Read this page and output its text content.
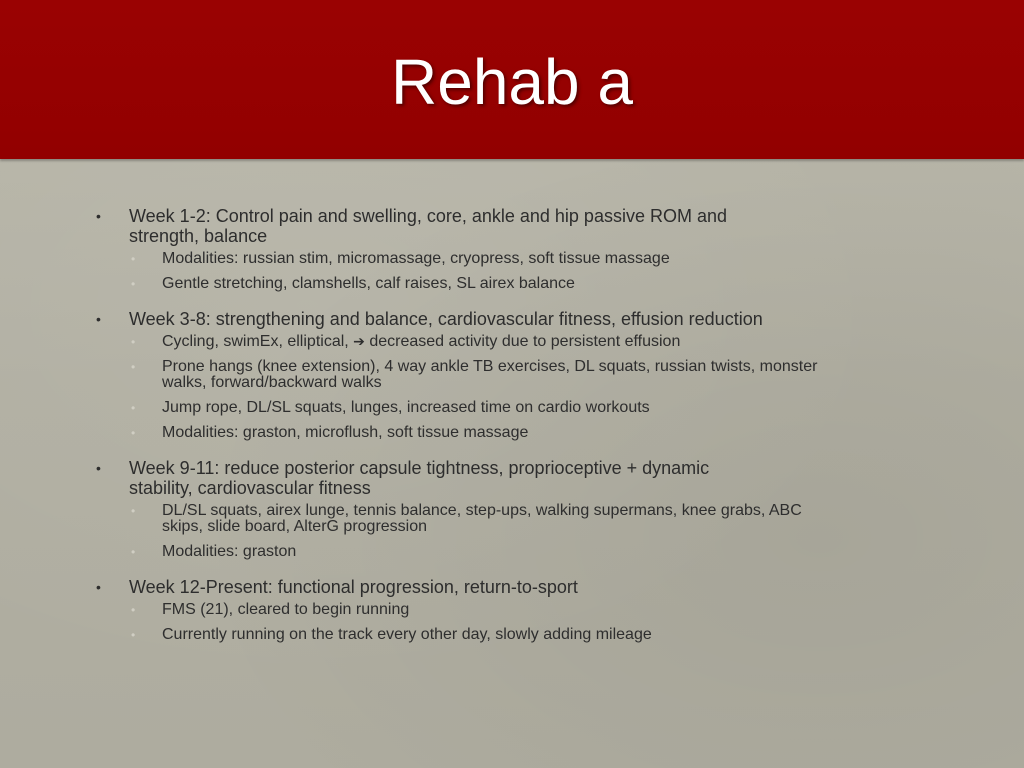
Rehab a
• Week 1-2: Control pain and swelling, core, ankle and hip passive ROM and
strength, balance
• Modalities: russian stim, micromassage, cryopress, soft tissue massage
• Gentle stretching, clamshells, calf raises, SL airex balance
• Week 3-8: strengthening and balance, cardiovascular fitness, effusion reduction
• Cycling, swimEx, elliptical, ➔ decreased activity due to persistent effusion
• Prone hangs (knee extension), 4 way ankle TB exercises, DL squats, russian twists, monster
walks, forward/backward walks
• Jump rope, DL/SL squats, lunges, increased time on cardio workouts
• Modalities: graston, microflush, soft tissue massage
• Week 9-11: reduce posterior capsule tightness, proprioceptive + dynamic
stability, cardiovascular fitness
• DL/SL squats, airex lunge, tennis balance, step-ups, walking supermans, knee grabs, ABC
skips, slide board, AlterG progression
• Modalities: graston
• Week 12-Present: functional progression, return-to-sport
• FMS (21), cleared to begin running
• Currently running on the track every other day, slowly adding mileage
